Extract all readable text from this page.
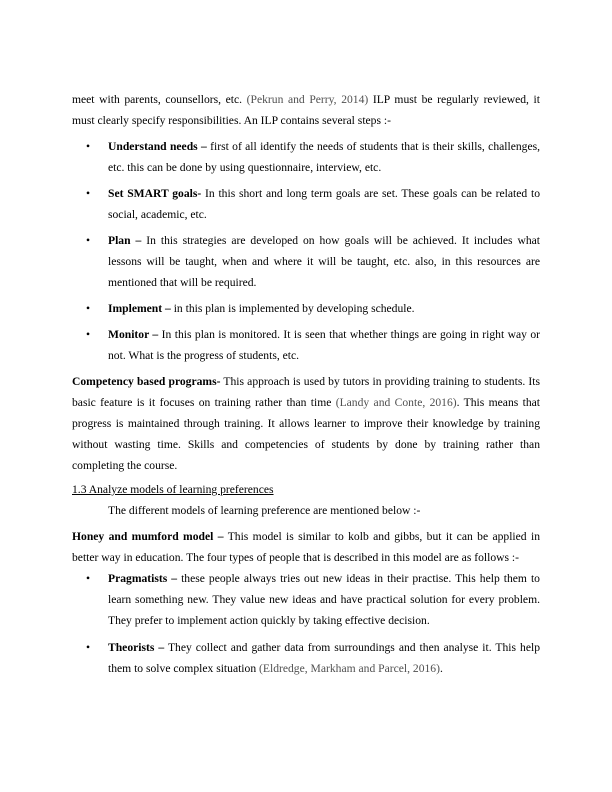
meet with parents, counsellors, etc. (Pekrun and Perry, 2014) ILP must be regularly reviewed, it must clearly specify responsibilities. An ILP contains several steps :-

• Understand needs – first of all identify the needs of students that is their skills, challenges, etc. this can be done by using questionnaire, interview, etc.
• Set SMART goals- In this short and long term goals are set. These goals can be related to social, academic, etc.
• Plan – In this strategies are developed on how goals will be achieved. It includes what lessons will be taught, when and where it will be taught, etc. also, in this resources are mentioned that will be required.
• Implement – in this plan is implemented by developing schedule.
• Monitor – In this plan is monitored. It is seen that whether things are going in right way or not. What is the progress of students, etc.

Competency based programs- This approach is used by tutors in providing training to students. Its basic feature is it focuses on training rather than time (Landy and Conte, 2016). This means that progress is maintained through training. It allows learner to improve their knowledge by training without wasting time. Skills and competencies of students by done by training rather than completing the course.

1.3 Analyze models of learning preferences

The different models of learning preference are mentioned below :-

Honey and mumford model – This model is similar to kolb and gibbs, but it can be applied in better way in education. The four types of people that is described in this model are as follows :-

• Pragmatists – these people always tries out new ideas in their practise. This help them to learn something new. They value new ideas and have practical solution for every problem. They prefer to implement action quickly by taking effective decision.
• Theorists – They collect and gather data from surroundings and then analyse it. This help them to solve complex situation (Eldredge, Markham and Parcel, 2016).
